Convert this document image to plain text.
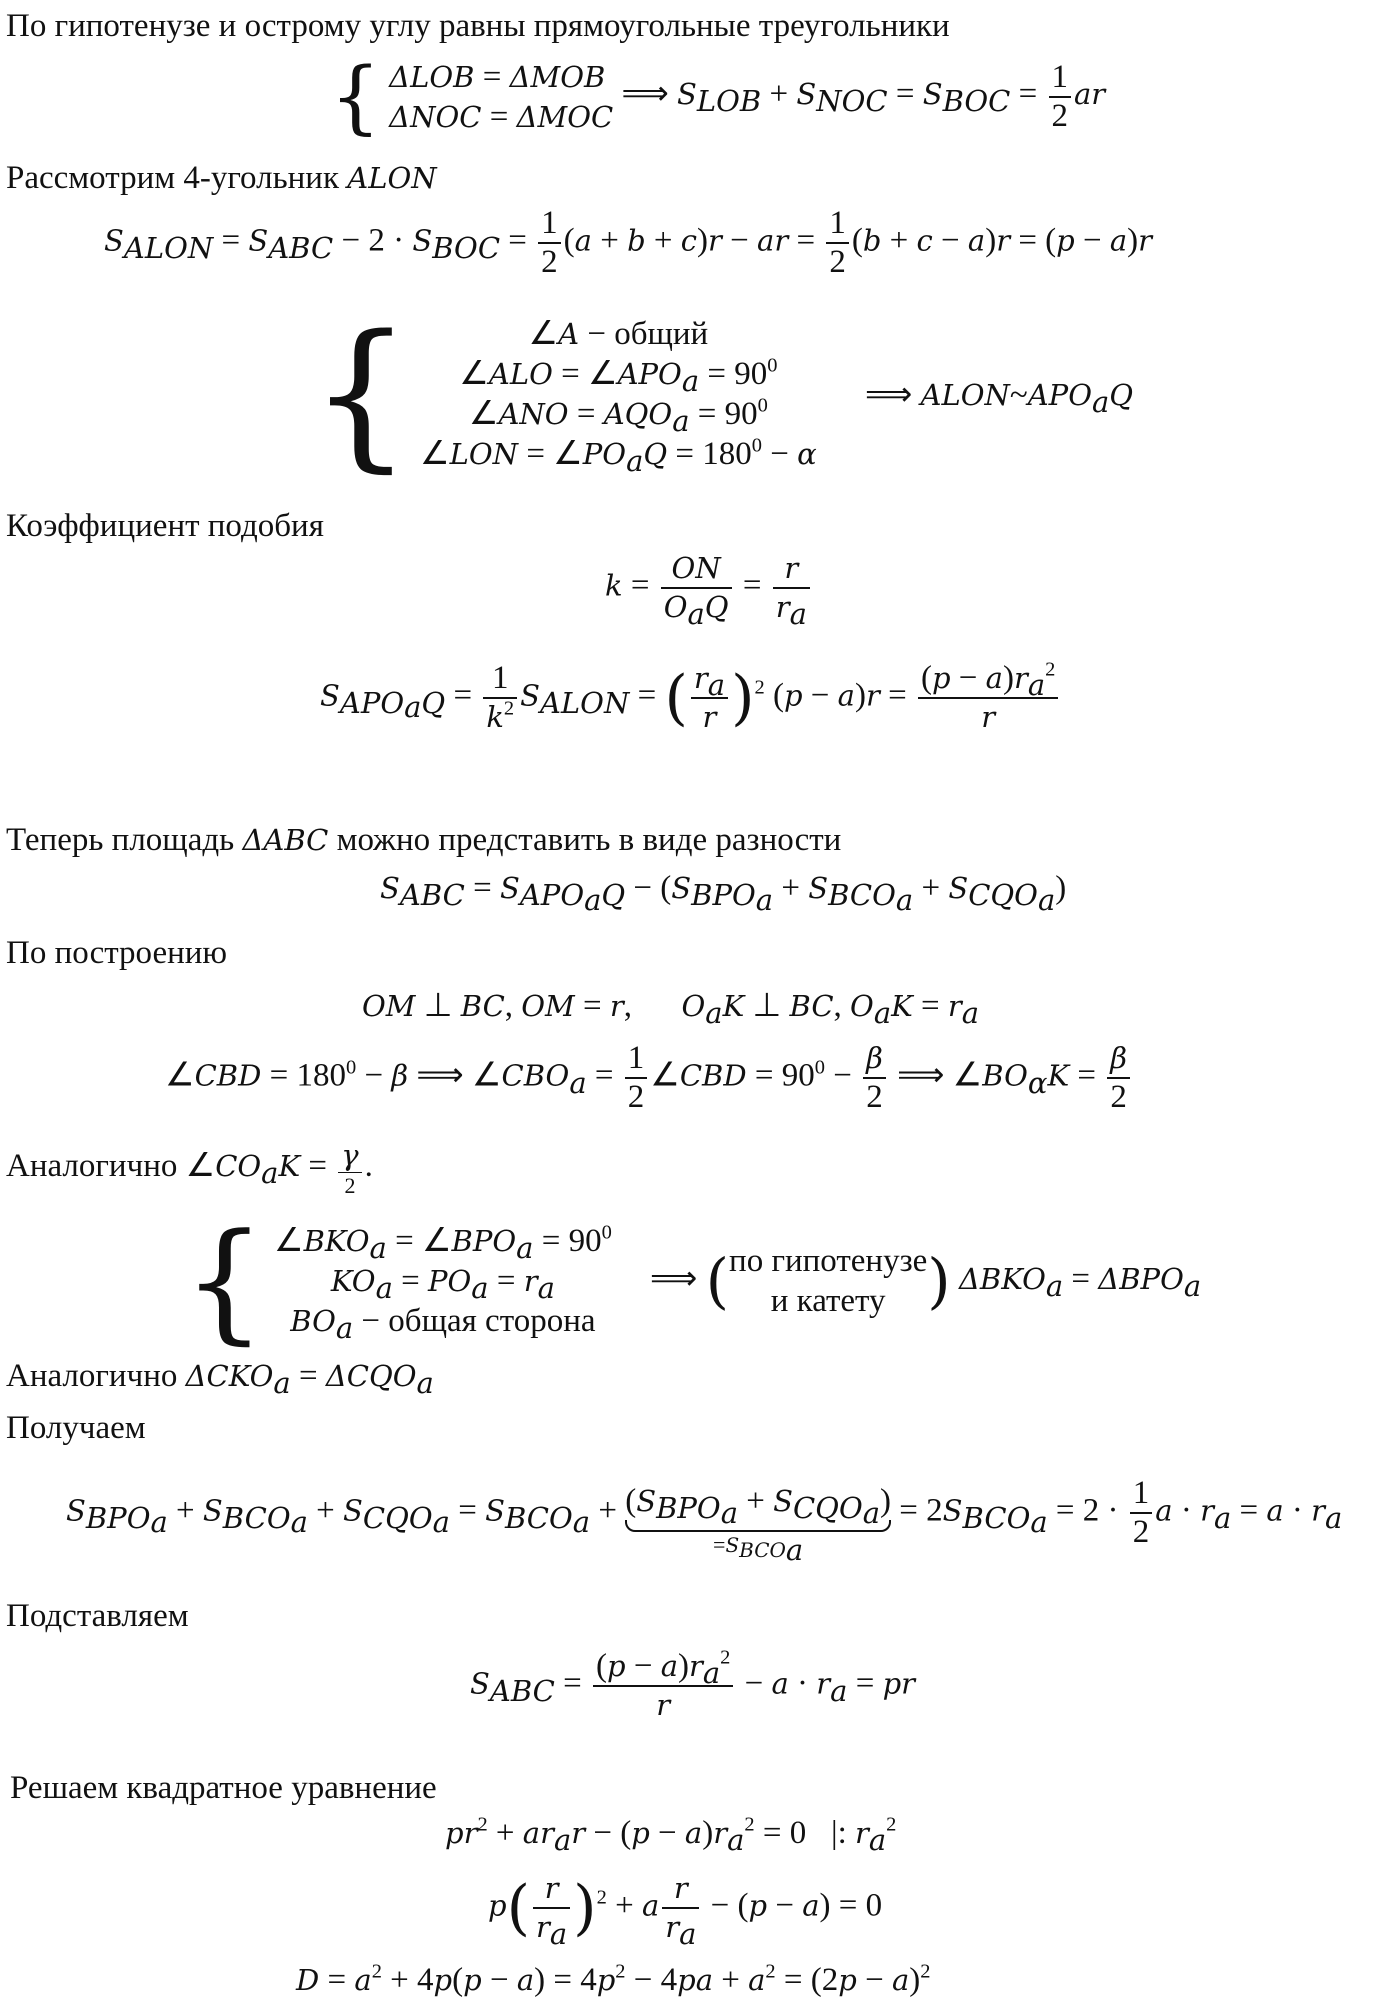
По гипотенузе и острому углу равны прямоугольные треугольники
{ ΔLOB = ΔMOB
ΔNOC = ΔMOC
⟹ $S_{LOB} + S_{NOC} = S_{BOC} = \frac{1}{2}$ ar
Рассмотрим 4-угольник ALON
$S_{ALON} = S_{ABC} - 2 \cdot S_{BOC} = \frac{1}{2} (a + b + c)r$ − ar = $\frac{1}{2} (b + c - a)r = (p - a)r$
{	∠A − общий
∠ALO = $\angle APO_a = 90^0$
∠ANO = $AQO_a = 90^0$
∠LON = $\angle PO_aQ = 180^0 - \alpha$
⟹ $ALON\sim APO_aQ$
Коэффициент подобия
$k = \frac{ON}{O_aQ} = \frac{r}{r_a}$
$S_{APO_aQ} = \frac{1}{k^2} S_{ALON}$ = ( $\frac{r_a}{r} )^2$ $(p - a)r = \frac{(p - a)r_a^2}{r}$
Теперь площадь ΔABC можно представить в виде разности
$S_{ABC} = S_{APO_aQ} - (S_{BPO_a} + S_{BCO_a} + S_{CQO_a})$
По построению
OM ⊥ BC, OM = r,      $O_aK$ ⊥ BC, $O_aK = r_a$
∠CBD = $180^0 - \beta$ ⟹ $\angle CBO_a = \frac{1}{2}$ ∠CBD = $90^0 - \frac{\beta}{2}$ ⟹ $\angle BO_\alpha K = \frac{\beta}{2}$
Аналогично $\angle CO_aK = \frac{\gamma}{2}$ .
{ $\angle BKO_a$ = $\angle BPO_a = 90^0$
$KO_a = PO_a = r_a$
$BO_a$ − общая сторона
⟹ ( по гипотенузе
и катету ) $\Delta BKO_a = \Delta BPO_a$
Аналогично $\Delta CKO_a = \Delta CQO_a$
Получаем
$S_{BPO_a} + S_{BCO_a} + S_{CQO_a} = S_{BCO_a} + (S_{BPO_a} + S_{CQO_a})$
$=S_{BCO_a}$
= $2S_{BCO_a} = 2 \cdot \frac{1}{2}$ $a \cdot r_a = a \cdot r_a$
Подставляем
$S_{ABC} = \frac{(p - a)r_a^2}{r} - a \cdot r_a$ = pr
Решаем квадратное уравнение
$pr^2 + ar_ar - (p - a)r_a^2 = 0$   |: $r_a^2$
$p( \frac{r}{r_a} )^2 + a \frac{r}{r_a} - (p - a) = 0$
$D = a^2 + 4p(p - a) = 4p^2 - 4pa + a^2 = (2p - a)^2$
